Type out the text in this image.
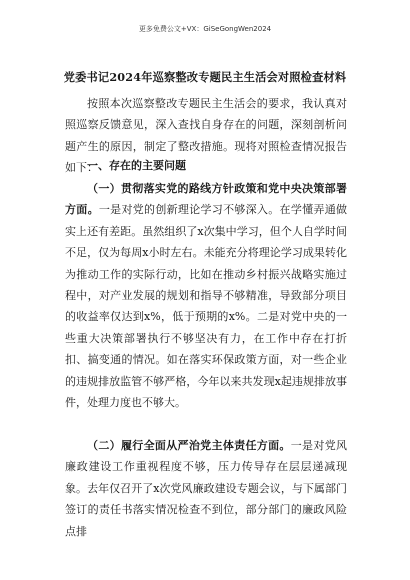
更多免费公文+VX：GiSeGongWen2024
党委书记2024年巡察整改专题民主生活会对照检查材料

按照本次巡察整改专题民主生活会的要求，我认真对照巡察反馈意见，深入查找自身存在的问题，深刻剖析问题产生的原因，制定了整改措施。现将对照检查情况报告如下：

一、存在的主要问题

（一）贯彻落实党的路线方针政策和党中央决策部署方面。一是对党的创新理论学习不够深入。在学懂弄通做实上还有差距。虽然组织了x次集中学习，但个人自学时间不足，仅为每周x小时左右。未能充分将理论学习成果转化为推动工作的实际行动，比如在推动乡村振兴战略实施过程中，对产业发展的规划和指导不够精准，导致部分项目的收益率仅达到x%，低于预期的x%。二是对党中央的一些重大决策部署执行不够坚决有力，在工作中存在打折扣、搞变通的情况。如在落实环保政策方面，对一些企业的违规排放监管不够严格，今年以来共发现x起违规排放事件，处理力度也不够大。

（二）履行全面从严治党主体责任方面。一是对党风廉政建设工作重视程度不够，压力传导存在层层递减现象。去年仅召开了x次党风廉政建设专题会议，与下属部门签订的责任书落实情况检查不到位，部分部门的廉政风险点排
